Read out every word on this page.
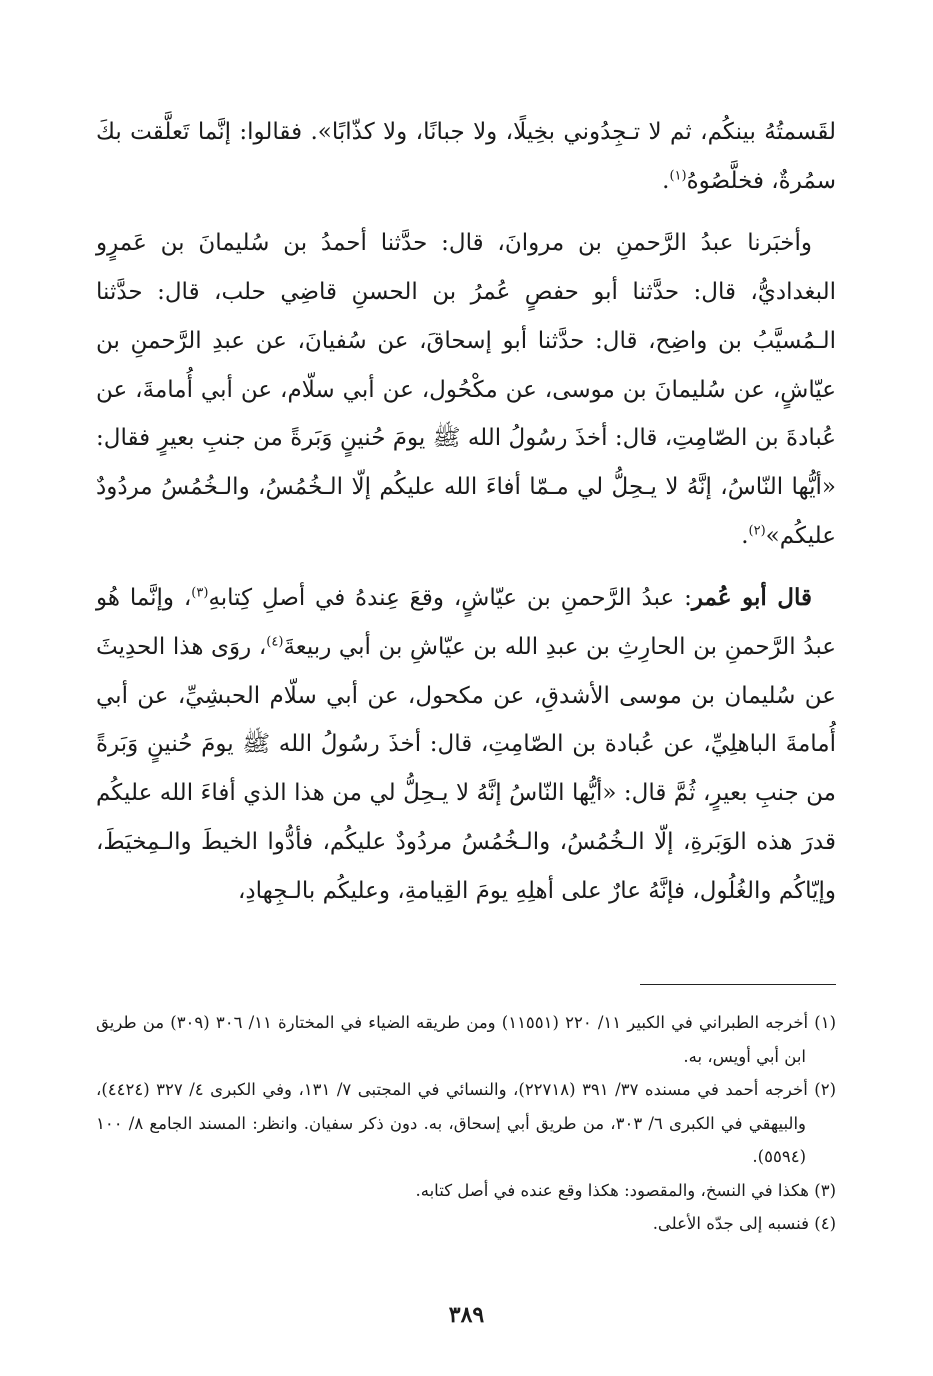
لقَسمتُهُ بينكُم، ثم لا تـجِدُوني بخِيلًا، ولا جبانًا، ولا كذّابًا». فقالوا: إنَّما تَعلَّقت بكَ سمُرةٌ، فخلَّصُوهُ$^{(١)}$.

وأخبَرنا عبدُ الرَّحمنِ بن مروانَ، قال: حدَّثنا أحمدُ بن سُليمانَ بن عَمرٍو البغداديُّ، قال: حدَّثنا أبو حفصٍ عُمرُ بن الحسنِ قاضِي حلب، قال: حدَّثنا الـمُسيَّبُ بن واضِح، قال: حدَّثنا أبو إسحاقَ، عن سُفيانَ، عن عبدِ الرَّحمنِ بن عيّاشٍ، عن سُليمانَ بن موسى، عن مكْحُول، عن أبي سلّام، عن أبي أُمامةَ، عن عُبادةَ بن الصّامِتِ، قال: أخذَ رسُولُ الله ﷺ يومَ حُنينٍ وَبَرةً من جنبِ بعيرٍ فقال: «أيُّها النّاسُ، إنَّهُ لا يـحِلُّ لي مـمّا أفاءَ الله عليكُم إلّا الـخُمُسُ، والـخُمُسُ مردُودٌ عليكُم»$^{(٢)}$.

قال أبو عُمر: عبدُ الرَّحمنِ بن عيّاشٍ، وقعَ عِندهُ في أصلِ كِتابهِ$^{(٣)}$، وإنَّما هُو عبدُ الرَّحمنِ بن الحارِثِ بن عبدِ الله بن عيّاشِ بن أبي ربيعةَ$^{(٤)}$، روَى هذا الحدِيثَ عن سُليمان بن موسى الأشدقِ، عن مكحول، عن أبي سلّام الحبشِيِّ، عن أبي أُمامةَ الباهلِيِّ، عن عُبادة بن الصّامِتِ، قال: أخذَ رسُولُ الله ﷺ يومَ حُنينٍ وَبَرةً من جنبِ بعيرٍ، ثُمَّ قال: «أيُّها النّاسُ إنَّهُ لا يـحِلُّ لي من هذا الذي أفاءَ الله عليكُم قدرَ هذه الوَبَرةِ، إلّا الـخُمُسُ، والـخُمُسُ مردُودٌ عليكُم، فأدُّوا الخيطَ والـمِخيَطَ، وإيّاكُم والغُلُول، فإنَّهُ عارٌ على أهلِهِ يومَ القِيامةِ، وعليكُم بالـجِهادِ،

(١) أخرجه الطبراني في الكبير ١١/ ٢٢٠ (١١٥٥١) ومن طريقه الضياء في المختارة ١١/ ٣٠٦ (٣٠٩) من طريق ابن أبي أويس، به.

(٢) أخرجه أحمد في مسنده ٣٧/ ٣٩١ (٢٢٧١٨)، والنسائي في المجتبى ٧/ ١٣١، وفي الكبرى ٤/ ٣٢٧ (٤٤٢٤)، والبيهقي في الكبرى ٦/ ٣٠٣، من طريق أبي إسحاق، به. دون ذكر سفيان. وانظر: المسند الجامع ٨/ ١٠٠ (٥٥٩٤).

(٣) هكذا في النسخ، والمقصود: هكذا وقع عنده في أصل كتابه.

(٤) فنسبه إلى جدّه الأعلى.

٣٨٩
